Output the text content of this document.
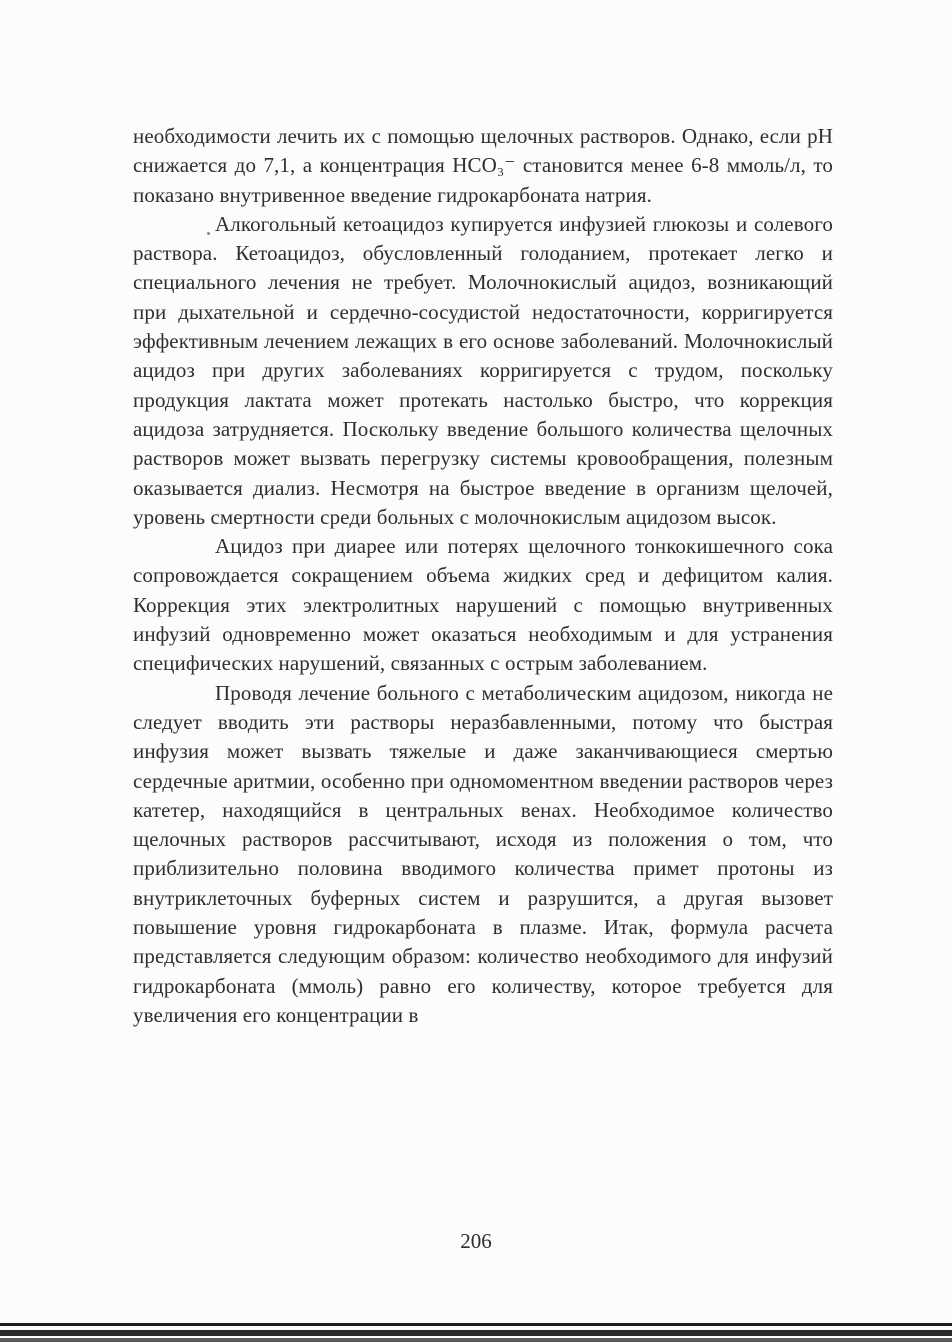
необходимости лечить их с помощью щелочных растворов. Однако, если pH снижается до 7,1, а концентрация HCO₃⁻ становится менее 6-8 ммоль/л, то показано внутривенное введение гидрокарбоната натрия.

Алкогольный кетоацидоз купируется инфузией глюкозы и солевого раствора. Кетоацидоз, обусловленный голоданием, протекает легко и специального лечения не требует. Молочнокислый ацидоз, возникающий при дыхательной и сердечно-сосудистой недостаточности, корригируется эффективным лечением лежащих в его основе заболеваний. Молочнокислый ацидоз при других заболеваниях корригируется с трудом, поскольку продукция лактата может протекать настолько быстро, что коррекция ацидоза затрудняется. Поскольку введение большого количества щелочных растворов может вызвать перегрузку системы кровообращения, полезным оказывается диализ. Несмотря на быстрое введение в организм щелочей, уровень смертности среди больных с молочнокислым ацидозом высок.

Ацидоз при диарее или потерях щелочного тонкокишечного сока сопровождается сокращением объема жидких сред и дефицитом калия. Коррекция этих электролитных нарушений с помощью внутривенных инфузий одновременно может оказаться необходимым и для устранения специфических нарушений, связанных с острым заболеванием.

Проводя лечение больного с метаболическим ацидозом, никогда не следует вводить эти растворы неразбавленными, потому что быстрая инфузия может вызвать тяжелые и даже заканчивающиеся смертью сердечные аритмии, особенно при одномоментном введении растворов через катетер, находящийся в центральных венах. Необходимое количество щелочных растворов рассчитывают, исходя из положения о том, что приблизительно половина вводимого количества примет протоны из внутриклеточных буферных систем и разрушится, а другая вызовет повышение уровня гидрокарбоната в плазме. Итак, формула расчета представляется следующим образом: количество необходимого для инфузий гидрокарбоната (ммоль) равно его количеству, которое требуется для увеличения его концентрации в

206
